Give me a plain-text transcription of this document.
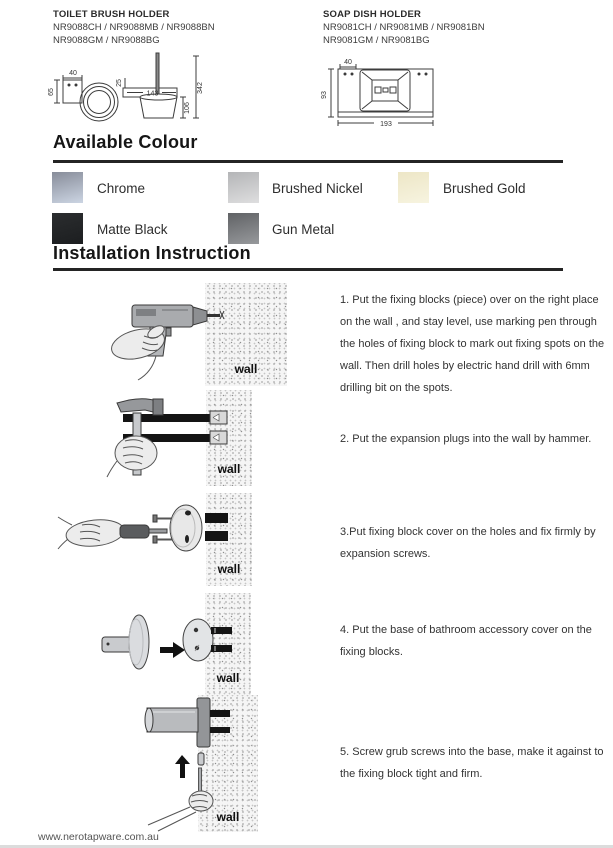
TOILET BRUSH HOLDER
NR9088CH / NR9088MB / NR9088BN
NR9088GM / NR9088BG
SOAP DISH HOLDER
NR9081CH / NR9081MB / NR9081BN
NR9081GM / NR9081BG
40
65
25
143
106
342
40
93
193
Available Colour
Chrome	Brushed Nickel	Brushed Gold
Matte Black	Gun Metal
Installation Instruction
wall
1. Put the fixing blocks (piece) over on the right place on the wall , and stay level, use marking pen through the holes of fixing block to mark out fixing spots on the wall. Then drill holes by electric hand drill with 6mm drilling bit on the spots.
wall
2. Put the expansion plugs into the wall by hammer.
wall
3.Put fixing block cover on the holes and fix firmly by expansion screws.
wall
4. Put the base of bathroom accessory cover on the fixing blocks.
wall
5. Screw grub screws into the base, make it against to the fixing block tight and firm.
www.nerotapware.com.au
